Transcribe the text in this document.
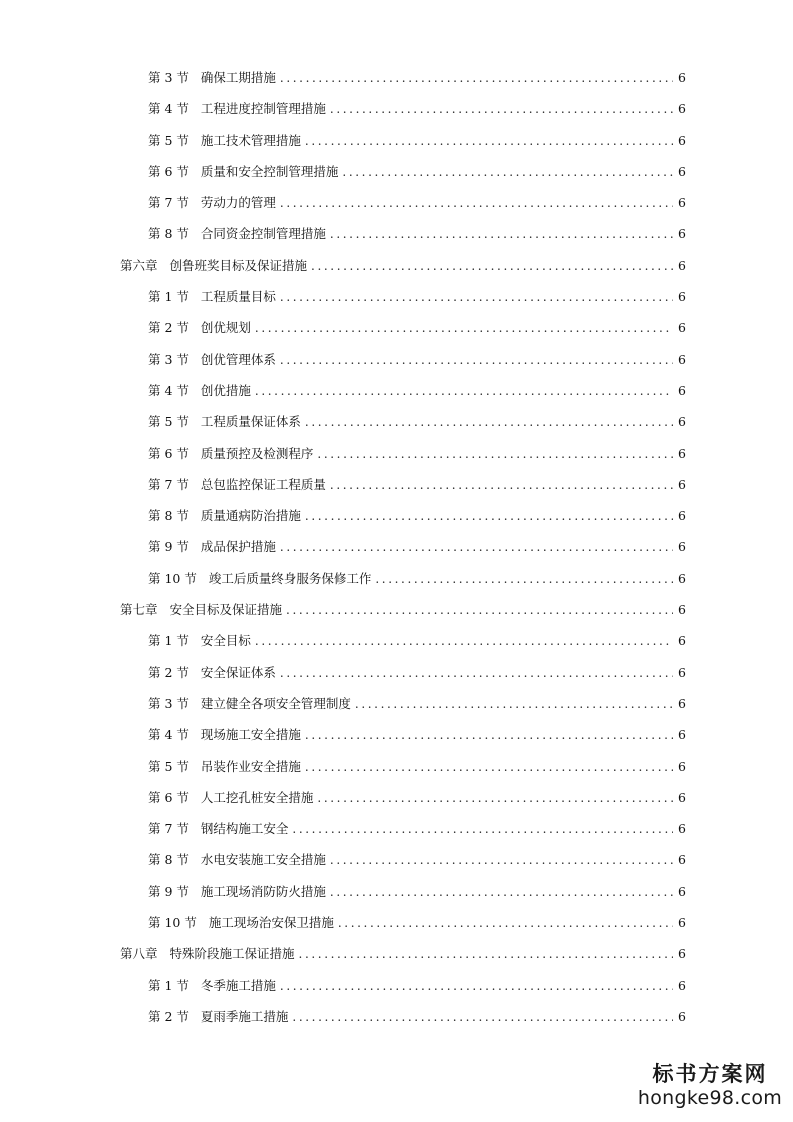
第 3 节 确保工期措施 .....	6
第 4 节 工程进度控制管理措施 .....	6
第 5 节 施工技术管理措施 .....	6
第 6 节 质量和安全控制管理措施 .....	6
第 7 节 劳动力的管理 .....	6
第 8 节 合同资金控制管理措施 .....	6
第六章 创鲁班奖目标及保证措施 .....	6
第 1 节 工程质量目标 .....	6
第 2 节 创优规划 .....	6
第 3 节 创优管理体系 .....	6
第 4 节 创优措施 .....	6
第 5 节 工程质量保证体系 .....	6
第 6 节 质量预控及检测程序 .....	6
第 7 节 总包监控保证工程质量 .....	6
第 8 节 质量通病防治措施 .....	6
第 9 节 成品保护措施 .....	6
第 10 节 竣工后质量终身服务保修工作 .....	6
第七章 安全目标及保证措施 .....	6
第 1 节 安全目标 .....	6
第 2 节 安全保证体系 .....	6
第 3 节 建立健全各项安全管理制度 .....	6
第 4 节 现场施工安全措施 .....	6
第 5 节 吊装作业安全措施 .....	6
第 6 节 人工挖孔桩安全措施 .....	6
第 7 节 钢结构施工安全 .....	6
第 8 节 水电安装施工安全措施 .....	6
第 9 节 施工现场消防防火措施 .....	6
第 10 节 施工现场治安保卫措施 .....	6
第八章 特殊阶段施工保证措施 .....	6
第 1 节 冬季施工措施 .....	6
第 2 节 夏雨季施工措施 .....	6
标书方案网
hongke98.com
